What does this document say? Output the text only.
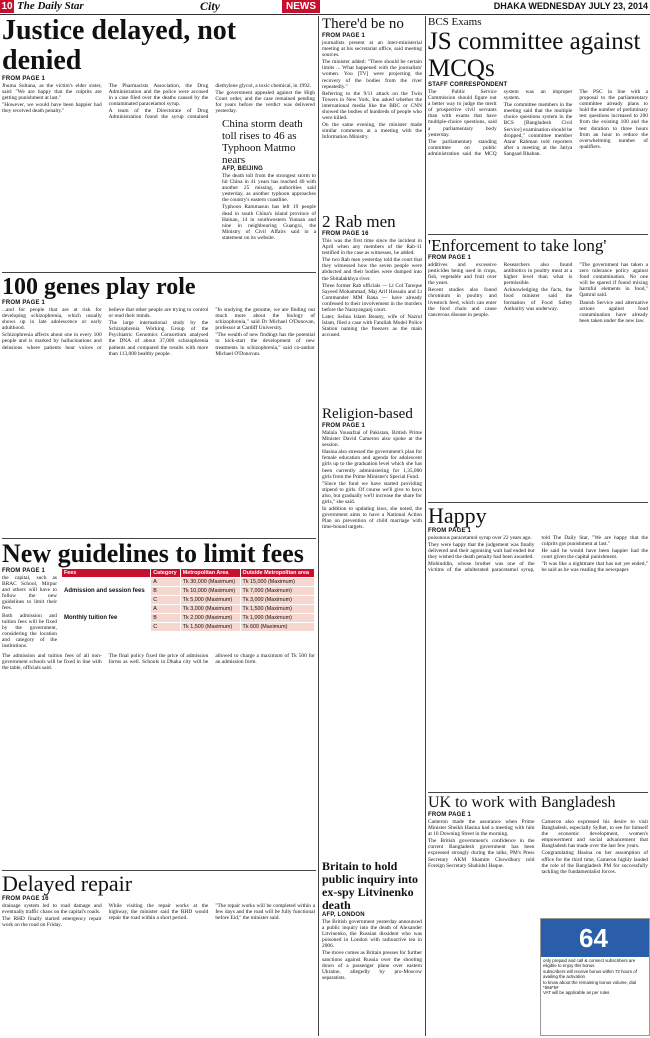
10 The Daily Star	City	NEWS	DHAKA WEDNESDAY JULY 23, 2014
Justice delayed, not denied
FROM PAGE 1

Jhuma Sultana, as the victim's elder sister, said: "We are happy that the culprits are getting punishment at last."

"However, we would have been happier had they received death penalty."

The Pharmacists Association, the Drug Administration and the police were accused in a case filed over the deaths caused by the contaminated paracetamol syrup.

A team of the Directorate of Drug Administration found the syrup contained diethylene glycol, a toxic chemical, in 1992.

The government appealed against the High Court order, and the case remained pending for years before the verdict was delivered yesterday.

100 genes play role
FROM PAGE 1

...and for people that are at risk for developing schizophrenia, which usually shows up in late adolescence or early adulthood.

Schizophrenia affects about one in every 100 people and is marked by hallucinations and delusions where patients hear voices or believe that other people are trying to control or read their minds.

The large international study by the Schizophrenia Working Group of the Psychiatric Genomics Consortium analysed the DNA of about 37,000 schizophrenia patients and compared the results with more than 113,000 healthy people.

"In studying the genome, we are finding out much more about the biology of schizophrenia," said Dr Michael O'Donovan, professor at Cardiff University.

"The wealth of new findings has the potential to kick-start the development of new treatments in schizophrenia," said co-author Michael O'Donovan.

New guidelines to limit fees
FROM PAGE 1

the capital, such as BRAC School, Mirpur and others will have to follow the new guidelines to limit their fees.

Both admission and tuition fees will be fixed by the government, considering the location and category of the institutions.

Fees	Category	Metropolitan Area	Outside Metropolitan area
Admission and session fees	A	Tk 30,000 (Maximum)	Tk 15,000 (Maximum)
	B	Tk 10,000 (Maximum)	Tk 7,000 (Maximum)
	C	Tk 5,000 (Maximum)	Tk 3,000 (Maximum)
Monthly tuition fee	A	Tk 3,000 (Maximum)	Tk 1,500 (Maximum)
	B	Tk 2,000 (Maximum)	Tk 1,000 (Maximum)
	C	Tk 1,500 (Maximum)	Tk 600 (Maximum)

The admission and tuition fees of all non-government schools will be fixed in line with the table, officials said.

The final policy fixed the price of admission forms as well. Schools in Dhaka city will be allowed to charge a maximum of Tk 500 for an admission form.

Delayed repair
FROM PAGE 16

drainage system led to road damage and eventually traffic chaos on the capital's roads.

The RHD finally started emergency repair work on the road on Friday.

While visiting the repair works at the highway, the minister said the RHD would repair the road within a short period.

"The repair works will be completed within a few days and the road will be fully functional before Eid," the minister said.

There'd be no
FROM PAGE 1

journalists present at an inter-ministerial meeting at his secretariat office, said meeting sources.

The minister added: "There should be certain limits ... What happened with the journalists' women. You [TV] were projecting the recovery of the bodies from the river repeatedly."

Referring to the 9/11 attack on the Twin Towers in New York, Inu asked whether the international media like the BBC or CNN showed the bodies of hundreds of people who were killed.

On the same evening, the minister made similar comments at a meeting with the Information Ministry.

2 Rab men
FROM PAGE 16

This was the first time since the incident in April when any members of the Rab-11 testified in the case as witnesses, he added.

The two Rab men yesterday told the court that they witnessed how the seven people were abducted and their bodies were dumped into the Shitalakkhya river.

Three former Rab officials — Lt Col Tareque Sayeed Mohammad, Maj Arif Hossain and Lt Commander MM Rana — have already confessed to their involvement in the murders before the Narayanganj court.

Later, Selina Islam Beauty, wife of Nazrul Islam, filed a case with Fatullah Model Police Station naming the freezers as the main accused.

Religion-based
FROM PAGE 1

Malala Yousafzai of Pakistan, British Prime Minister David Cameron also spoke at the session.

Hasina also stressed the government's plan for female education and agenda for adolescent girls up to the graduation level which she has been currently administering for 1,35,000 girls from the Prime Minister's Special Fund.

"Since the fund we have started providing stipend to girls. Of course we'll give to boys also, but gradually we'll increase the share for girls," she said.

In addition to updating laws, she noted, the government aims to have a National Action Plan on prevention of child marriage with time-bound targets.

Britain to hold public inquiry into ex-spy Litvinenko death
AFP, LONDON

The British government yesterday announced a public inquiry into the death of Alexander Litvinenko, the Russian dissident who was poisoned in London with radioactive tea in 2006.

The move comes as Britain presses for further sanctions against Russia over the shooting down of a passenger plane over eastern Ukraine, allegedly by pro-Moscow separatists.

China storm death toll rises to 46 as Typhoon Matmo nears
AFP, BEIJING

The death toll from the strongest storm to hit China in 41 years has reached 46 with another 25 missing, authorities said yesterday, as another typhoon approaches the country's eastern coastline.

Typhoon Rammasun has left 19 people dead in south China's island province of Hainan, 14 in southwestern Yunnan and nine in neighbouring Guangxi, the Ministry of Civil Affairs said in a statement on its website.

BCS Exams
JS committee against MCQs
STAFF CORRESPONDENT

The Public Service Commission should figure out a better way to judge the merit of prospective civil servants than with exams that have multiple-choice questions, said a parliamentary body yesterday.

The parliamentary standing committee on public administration said the MCQ system was an improper system.

The committee members in the meeting said that the multiple choice questions system in the BCS [Bangladesh Civil Service] examination should be dropped," committee member Ataur Rahman told reporters after a meeting at the Jatiya Sangsad Bhaban.

The PSC in line with a proposal to the parliamentary committee already plans to hold the number of preliminary test questions increased to 200 from the existing 100 and the test duration to three hours from an hour to reduce the overwhelming number of qualifiers.

'Enforcement to take long'
FROM PAGE 1

additives and excessive pesticides being used in crops, fish, vegetable and fruit over the years.

Recent studies also found chromium in poultry and livestock feed, which can enter the food chain and cause cancerous disease in people.

Researchers also found antibiotics in poultry meat at a higher level than what is permissible.

Acknowledging the facts, the food minister said the formation of Food Safety Authority was underway.

"The government has taken a zero tolerance policy against food contamination. No one will be spared if found mixing harmful elements in food," Qamrul said.

Danish Service and alternative actions against food contamination have already been taken under the new law.

Happy
FROM PAGE 1

poisonous paracetamol syrup over 22 years ago.

They were happy that the judgement was finally delivered and their agonising wait had ended but they wished the death penalty had been awarded.

Mohiuddin, whose brother was one of the victims of the adulterated paracetamol syrup, told The Daily Star, "We are happy that the culprits got punishment at last."

He said he would have been happier had the court given the capital punishment.

"It was like a nightmare that has not yet ended," he said as he was reading the newspaper.

UK to work with Bangladesh
FROM PAGE 1

Cameron made the assurance when Prime Minister Sheikh Hasina had a meeting with him at 10 Downing Street in the morning.

The British government's confidence in the current Bangladesh government has been expressed strongly during the talks, PM's Press Secretary AKM Shamim Chowdhury told Foreign Secretary Shahidul Haque.

Cameron also expressed his desire to visit Bangladesh, especially Sylhet, to see for himself the economic development, women's empowerment and social advancement that Bangladesh has made over the last few years.

Congratulating Hasina on her assumption of office for the third time, Cameron highly lauded the role of the Bangladesh PM for successfully tackling the fundamentalist forces.

64
only prepaid and call & connect subscribers are eligible to enjoy this bonus
subscribers will receive bonus within 72 hours of availing the activation
to know about the remaining bonus volume, dial *566*5#
VAT will be applicable as per rules
